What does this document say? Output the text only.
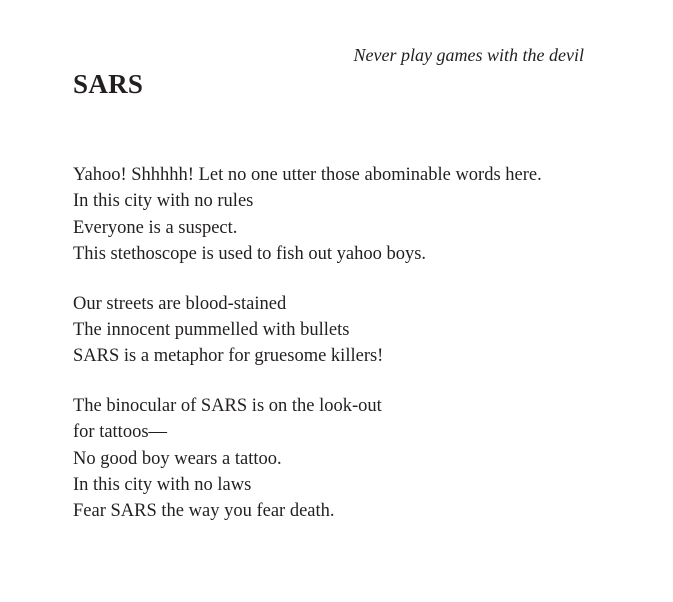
Never play games with the devil
SARS
Yahoo! Shhhhh! Let no one utter those abominable words here.
In this city with no rules
Everyone is a suspect.
This stethoscope is used to fish out yahoo boys.
Our streets are blood-stained
The innocent pummelled with bullets
SARS is a metaphor for gruesome killers!
The binocular of SARS is on the look-out
for tattoos—
No good boy wears a tattoo.
In this city with no laws
Fear SARS the way you fear death.
